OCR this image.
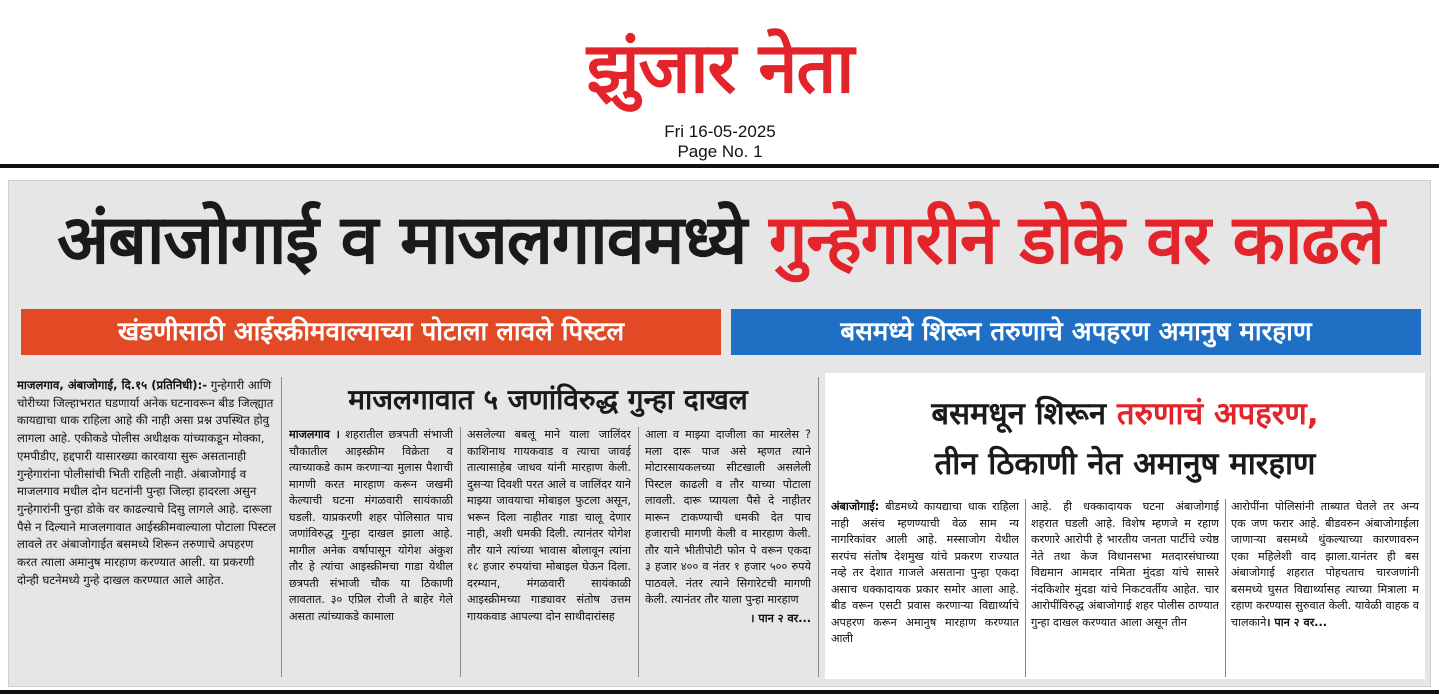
झुंजार नेता
Fri 16-05-2025
Page No. 1
अंबाजोगाई व माजलगावमध्ये गुन्हेगारीने डोके वर काढले
खंडणीसाठी आईस्क्रीमवाल्याच्या पोटाला लावले पिस्टल	बसमध्ये शिरून तरुणाचे अपहरण अमानुष मारहाण
माजलगाव, अंबाजोगाई, दि.१५ (प्रतिनिधी):- गुन्हेगारी आणि चोरीच्या जिल्हाभरात घडणार्या अनेक घटनावरून बीड जिल्ह्यात कायद्याचा धाक राहिला आहे की नाही असा प्रश्न उपस्थित होवु लागला आहे. एकीकडे पोलीस अधीक्षक यांच्याकडून मोक्का, एमपीडीए, हद्दपारी यासारख्या कारवाया सुरू असतानाही गुन्हेगारांना पोलीसांची भिती राहिली नाही. अंबाजोगाई व माजलगाव मधील दोन घटनांनी पुन्हा जिल्हा हादरला असुन गुन्हेगारांनी पुन्हा डोके वर काढल्याचे दिसु लागले आहे. दारूला पैसे न दिल्याने माजलगावात आईस्क्रीमवाल्याला पोटाला पिस्टल लावले तर अंबाजोगाईत बसमध्ये शिरून तरुणाचे अपहरण करत त्याला अमानुष मारहाण करण्यात आली. या प्रकरणी दोन्ही घटनेमध्ये गुन्हे दाखल करण्यात आले आहेत.
माजलगावात ५ जणांविरुद्ध गुन्हा दाखल
माजलगाव । शहरातील छत्रपती संभाजी चौकातील आइस्क्रीम विक्रेता व त्याच्याकडे काम करणाऱ्या मुलास पैशाची मागणी करत मारहाण करून जखमी केल्याची घटना मंगळवारी सायंकाळी घडली. याप्रकरणी शहर पोलिसात पाच जणांविरुद्ध गुन्हा दाखल झाला आहे. मागील अनेक वर्षापासून योगेश अंकुश तौर हे त्यांचा आइस्क्रीमचा गाडा येथील छत्रपती संभाजी चौक या ठिकाणी लावतात. ३० एप्रिल रोजी ते बाहेर गेले असता त्यांच्याकडे कामाला
असलेल्या बबलू माने याला जालिंदर काशिनाथ गायकवाड व त्याचा जावई तात्यासाहेब जाधव यांनी मारहाण केली. दुसऱ्या दिवशी परत आले व जालिंदर याने माझ्या जावयाचा मोबाइल फुटला असून, भरून दिला नाहीतर गाडा चालू देणार नाही, अशी धमकी दिली. त्यानंतर योगेश तौर याने त्यांच्या भावास बोलावून त्यांना १८ हजार रुपयांचा मोबाइल घेऊन दिला. दरम्यान, मंगळवारी सायंकाळी आइस्क्रीमच्या गाड्यावर संतोष उत्तम गायकवाड आपल्या दोन साथीदारांसह
आला व माझ्या दाजीला का मारलेस ? मला दारू पाज असे म्हणत त्याने मोटारसायकलच्या सीटखाली असलेली पिस्टल काढली व तौर याच्या पोटाला लावली. दारू प्यायला पैसे दे नाहीतर मारून टाकण्याची धमकी देत पाच हजाराची मागणी केली व मारहाण केली. तौर याने भीतीपोटी फोन पे वरून एकदा ३ हजार ४०० व नंतर १ हजार ५०० रुपये पाठवले. नंतर त्याने सिगारेटची मागणी केली. त्यानंतर तौर याला पुन्हा मारहाण
। पान २ वर...
बसमधून शिरून तरुणाचं अपहरण,
तीन ठिकाणी नेत अमानुष मारहाण
अंबाजोगाई: बीडमध्ये कायद्याचा धाक राहिला नाही असंच म्हणण्याची वेळ साम न्य नागरिकांवर आली आहे. मस्साजोग येथील सरपंच संतोष देशमुख यांचे प्रकरण राज्यात नव्हे तर देशात गाजले असताना पुन्हा एकदा असाच धक्कादायक प्रकार समोर आला आहे. बीड वरून एसटी प्रवास करणाऱ्या विद्यार्थ्याचे अपहरण करून अमानुष मारहाण करण्यात आली
आहे. ही धक्कादायक घटना अंबाजोगाई शहरात घडली आहे. विशेष म्हणजे म रहाण करणारे आरोपी हे भारतीय जनता पार्टीचे ज्येष्ठ नेते तथा केज विधानसभा मतदारसंघाच्या विद्यमान आमदार नमिता मुंदडा यांचे सासरे नंदकिशोर मुंदडा यांचे निकटवर्तीय आहेत. चार आरोपींविरुद्ध अंबाजोगाई शहर पोलीस ठाण्यात गुन्हा दाखल करण्यात आला असून तीन
आरोपींना पोलिसांनी ताब्यात घेतले तर अन्य एक जण फरार आहे. बीडवरुन अंबाजोगाईला जाणाऱ्या बसमध्ये थुंकल्याच्या कारणावरुन एका महिलेशी वाद झाला.यानंतर ही बस अंबाजोगाई शहरात पोहचताच चारजणांनी बसमध्ये घुसत विद्यार्थ्यासह त्याच्या मित्राला म रहाण करण्यास सुरुवात केली. यावेळी वाहक व चालकाने। पान २ वर...
